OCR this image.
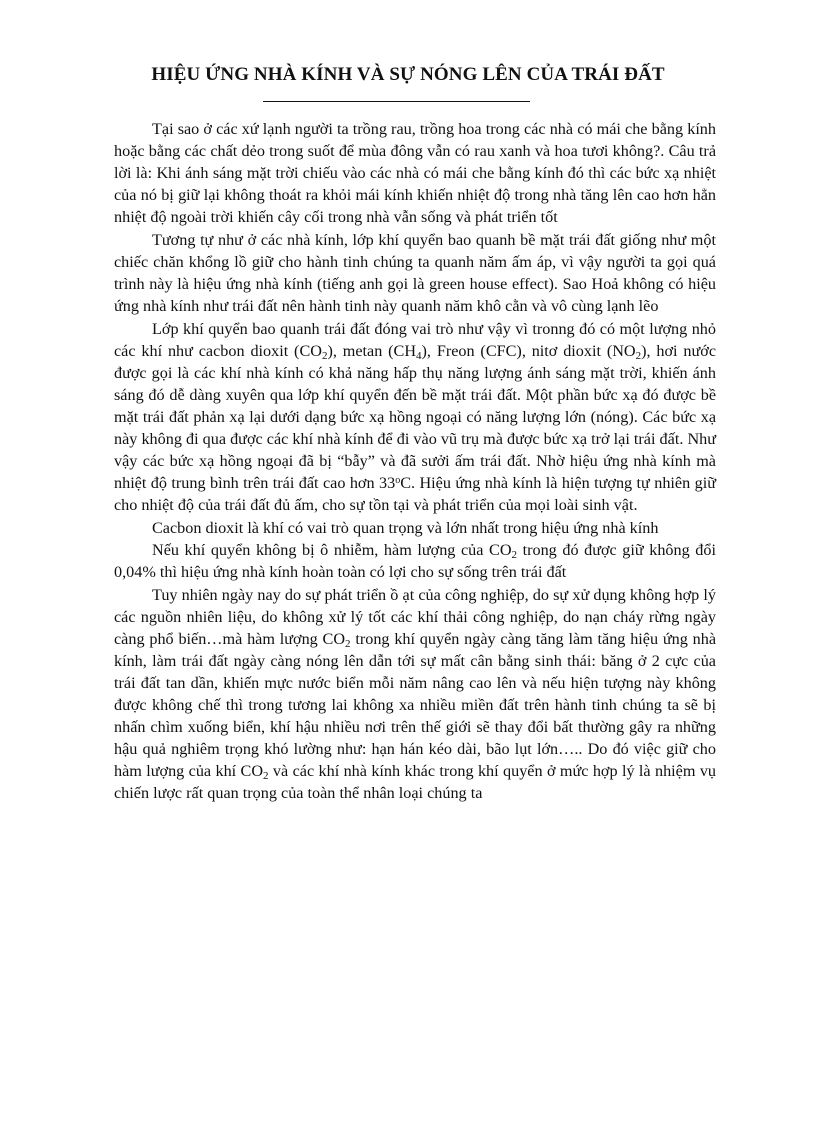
HIỆU ỨNG NHÀ KÍNH VÀ SỰ NÓNG LÊN CỦA TRÁI ĐẤT

Tại sao ở các xứ lạnh người ta trồng rau, trồng hoa trong các nhà có mái che bằng kính hoặc bằng các chất dẻo trong suốt để mùa đông vẫn có rau xanh và hoa tươi không?. Câu trả lời là: Khi ánh sáng mặt trời chiếu vào các nhà có mái che bằng kính đó thì các bức xạ nhiệt của nó bị giữ lại không thoát ra khỏi mái kính khiến nhiệt độ trong nhà tăng lên cao hơn hẳn nhiệt độ ngoài trời khiến cây cối trong nhà vẫn sống và phát triển tốt

Tương tự như ở các nhà kính, lớp khí quyển bao quanh bề mặt trái đất giống như một chiếc chăn khổng lồ giữ cho hành tinh chúng ta quanh năm ấm áp, vì vậy người ta gọi quá trình này là hiệu ứng nhà kính (tiếng anh gọi là green house effect). Sao Hoả không có hiệu ứng nhà kính như trái đất nên hành tinh này quanh năm khô cằn và vô cùng lạnh lẽo

Lớp khí quyển bao quanh trái đất đóng vai trò như vậy vì tronng đó có một lượng nhỏ các khí như cacbon dioxit $(CO_2)$, metan $(CH_4)$, Freon (CFC), nitơ dioxit $(NO_2)$, hơi nước được gọi là các khí nhà kính có khả năng hấp thụ năng lượng ánh sáng mặt trời, khiến ánh sáng đó dễ dàng xuyên qua lớp khí quyển đến bề mặt trái đất. Một phần bức xạ đó được bề mặt trái đất phản xạ lại dưới dạng bức xạ hồng ngoại có năng lượng lớn (nóng). Các bức xạ này không đi qua được các khí nhà kính để đi vào vũ trụ mà được bức xạ trở lại trái đất. Như vậy các bức xạ hồng ngoại đã bị “bẫy” và đã sưởi ấm trái đất. Nhờ hiệu ứng nhà kính mà nhiệt độ trung bình trên trái đất cao hơn 33$^o$C. Hiệu ứng nhà kính là hiện tượng tự nhiên giữ cho nhiệt độ của trái đất đủ ấm, cho sự tồn tại và phát triển của mọi loài sinh vật.

Cacbon dioxit là khí có vai trò quan trọng và lớn nhất trong hiệu ứng nhà kính

Nếu khí quyển không bị ô nhiễm, hàm lượng của $CO_2$ trong đó được giữ không đổi 0,04% thì hiệu ứng nhà kính hoàn toàn có lợi cho sự sống trên trái đất

Tuy nhiên ngày nay do sự phát triển ồ ạt của công nghiệp, do sự xử dụng không hợp lý các nguồn nhiên liệu, do không xử lý tốt các khí thải công nghiệp, do nạn cháy rừng ngày càng phổ biến…mà hàm lượng $CO_2$ trong khí quyển ngày càng tăng làm tăng hiệu ứng nhà kính, làm trái đất ngày càng nóng lên dẫn tới sự mất cân bằng sinh thái: băng ở 2 cực của trái đất tan dần, khiến mực nước biển mỗi năm nâng cao lên và nếu hiện tượng này không được không chế thì trong tương lai không xa nhiều miền đất trên hành tinh chúng ta sẽ bị nhấn chìm xuống biển, khí hậu nhiều nơi trên thế giới sẽ thay đổi bất thường gây ra những hậu quả nghiêm trọng khó lường như: hạn hán kéo dài, bão lụt lớn….. Do đó việc giữ cho hàm lượng của khí $CO_2$ và các khí nhà kính khác trong khí quyển ở mức hợp lý là nhiệm vụ chiến lược rất quan trọng của toàn thể nhân loại chúng ta
